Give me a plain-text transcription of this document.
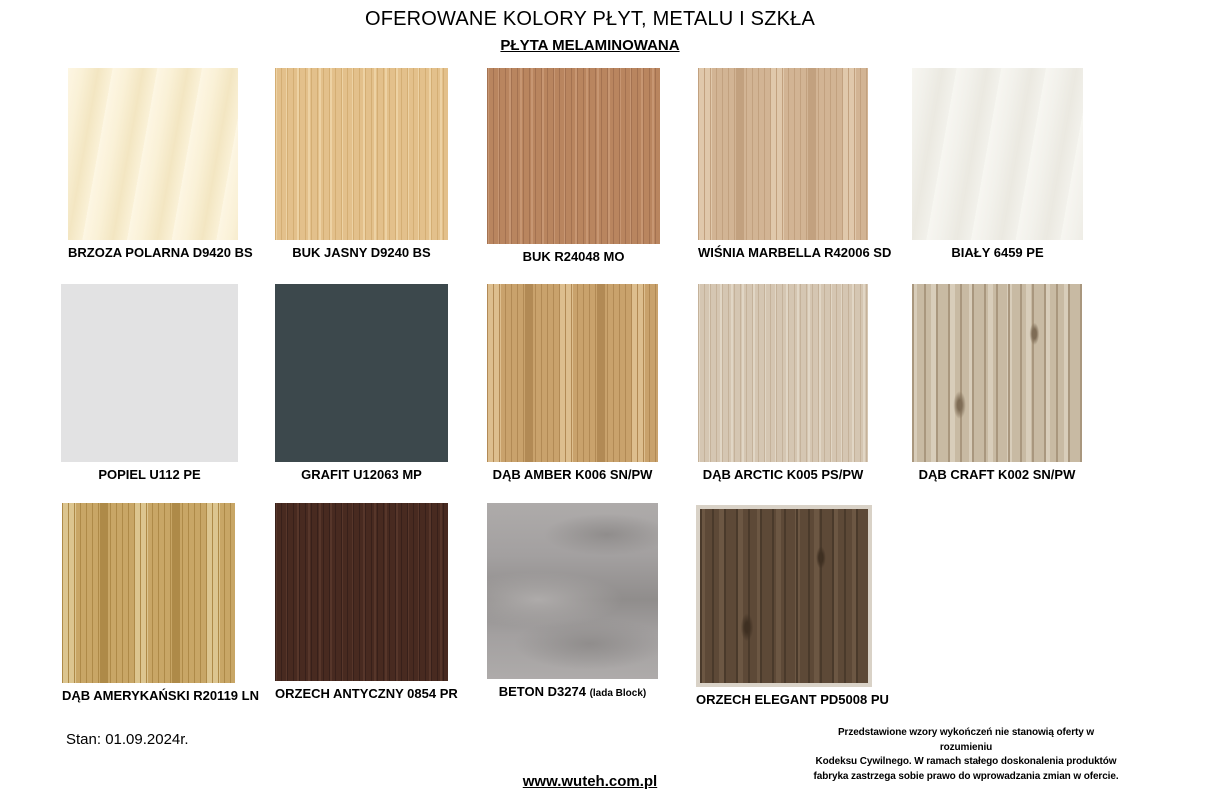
OFEROWANE KOLORY PŁYT, METALU I SZKŁA
PŁYTA MELAMINOWANA
BRZOZA POLARNA D9420 BS	BUK JASNY D9240 BS	BUK R24048 MO	WIŚNIA MARBELLA R42006 SD	BIAŁY 6459 PE
POPIEL U112 PE	GRAFIT U12063 MP	DĄB AMBER K006 SN/PW	DĄB ARCTIC K005 PS/PW	DĄB CRAFT K002 SN/PW
DĄB AMERYKAŃSKI R20119 LN ORZECH ANTYCZNY 0854 PR	BETON D3274 (lada Block)	ORZECH ELEGANT PD5008 PU
Stan: 01.09.2024r.	Przedstawione wzory wykończeń nie stanowią oferty w rozumieniu
Kodeksu Cywilnego. W ramach stałego doskonalenia produktów
fabryka zastrzega sobie prawo do wprowadzania zmian w ofercie.
www.wuteh.com.pl
